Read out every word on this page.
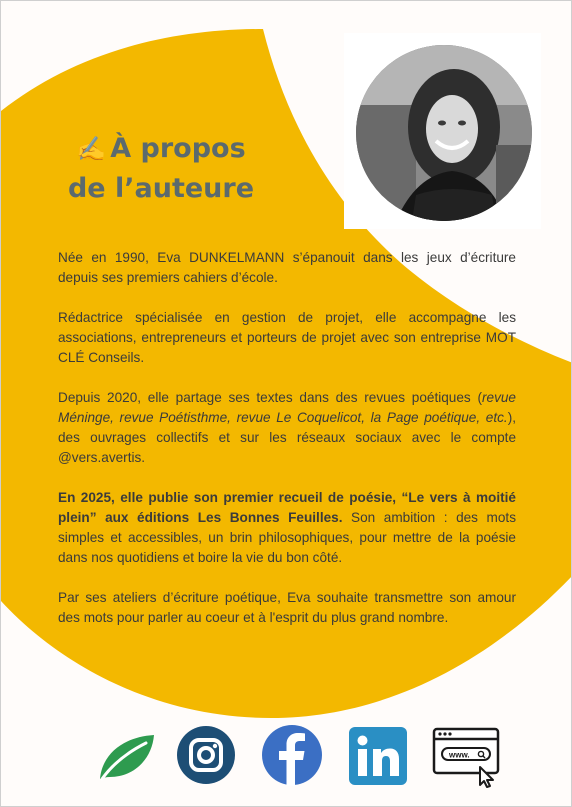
✍️ À propos
de l’auteure

Née en 1990, Eva DUNKELMANN s’épanouit dans les jeux d’écriture depuis ses premiers cahiers d’école.

Rédactrice spécialisée en gestion de projet, elle accompagne les associations, entrepreneurs et porteurs de projet avec son entreprise MOT CLÉ Conseils.

Depuis 2020, elle partage ses textes dans des revues poétiques (revue Méninge, revue Poétisthme, revue Le Coquelicot, la Page poétique, etc.), des ouvrages collectifs et sur les réseaux sociaux avec le compte @vers.avertis.

En 2025, elle publie son premier recueil de poésie, “Le vers à moitié plein” aux éditions Les Bonnes Feuilles. Son ambition : des mots simples et accessibles, un brin philosophiques, pour mettre de la poésie dans nos quotidiens et boire la vie du bon côté.

Par ses ateliers d’écriture poétique, Eva souhaite transmettre son amour des mots pour parler au coeur et à l'esprit du plus grand nombre.

www.
